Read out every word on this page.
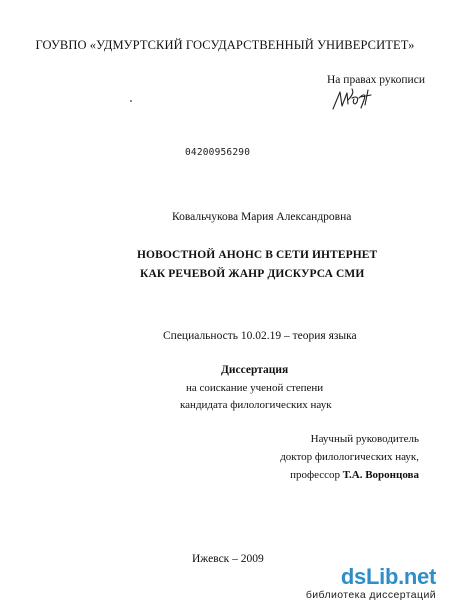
ГОУВПО «УДМУРТСКИЙ ГОСУДАРСТВЕННЫЙ УНИВЕРСИТЕТ»
На правах рукописи
04200956290
Ковальчукова Мария Александровна
НОВОСТНОЙ АНОНС В СЕТИ ИНТЕРНЕТ
КАК РЕЧЕВОЙ ЖАНР ДИСКУРСА СМИ
Специальность 10.02.19 – теория языка
Диссертация
на соискание ученой степени
кандидата филологических наук
Научный руководитель
доктор филологических наук,
профессор Т.А. Воронцова
Ижевск – 2009
dsLib.net
библиотека диссертаций
